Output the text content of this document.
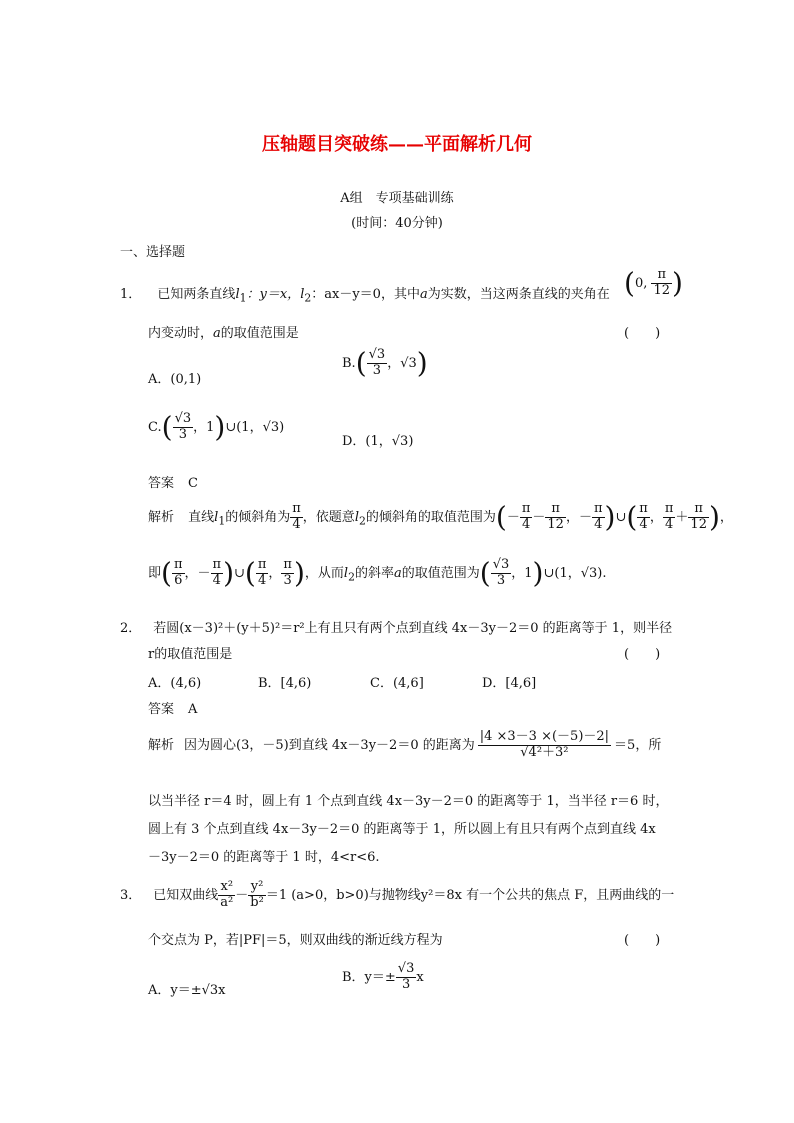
压轴题目突破练——平面解析几何
A组　专项基础训练
(时间：40分钟)
一、选择题
1． 已知两条直线$l_1$：y＝x，$l_2$：ax－y＝0，其中a为实数，当这两条直线的夹角在 (0, $\frac{\pi}{12}$ )
内变动时，a的取值范围是	(　　)
A．(0,1)
$B.( \frac{√3}{3}$ ，√3)
$C.( \frac{√3}{3}$ ，1)∪(1，√3)
D．(1，√3)
答案 C
解析 直线$l_1$的倾斜角为 $\frac{\pi}{4}$ ，依题意$l_2$的倾斜角的取值范围为(－ $\frac{\pi}{4} - \frac{\pi}{12}$ ，－ $\frac{\pi}{4}$ )∪( $\frac{\pi}{4}$ ， $\frac{\pi}{4} + \frac{\pi}{12}$ )，
即( $\frac{\pi}{6}$ ，－ $\frac{\pi}{4}$ )∪( $\frac{\pi}{4}$ ， $\frac{\pi}{3}$ )，从而$l_2$的斜率a的取值范围为( $\frac{√3}{3}$ ，1)∪(1，√3).
2． 若圆(x－3)²＋(y＋5)²＝r²上有且只有两个点到直线 4x－3y－2＝0 的距离等于 1，则半径
r的取值范围是	(　　)
A．(4,6)	B．[4,6)	C．(4,6]	D．[4,6]
答案 A
解析 因为圆心(3，－5)到直线 4x－3y－2＝0 的距离为 $\frac{|4 \times 3-3 \times(-5)-2|}{\text{√4²＋3²}} =5$，所
以当半径 r＝4 时，圆上有 1 个点到直线 4x－3y－2＝0 的距离等于 1，当半径 r＝6 时，
圆上有 3 个点到直线 4x－3y－2＝0 的距离等于 1，所以圆上有且只有两个点到直线 4x
－3y－2＝0 的距离等于 1 时，4<r<6.
3． 已知双曲线 $\frac{\text{x²}}{\text{a²}} - \frac{\text{y²}}{\text{b²}} =1$ (a>0，b>0)与抛物线y²＝8x 有一个公共的焦点 F，且两曲线的一
个交点为 P，若|PF|＝5，则双曲线的渐近线方程为	(　　)
A．y＝±√3x
B．$y=\pm \frac{√3}{3}$ x
